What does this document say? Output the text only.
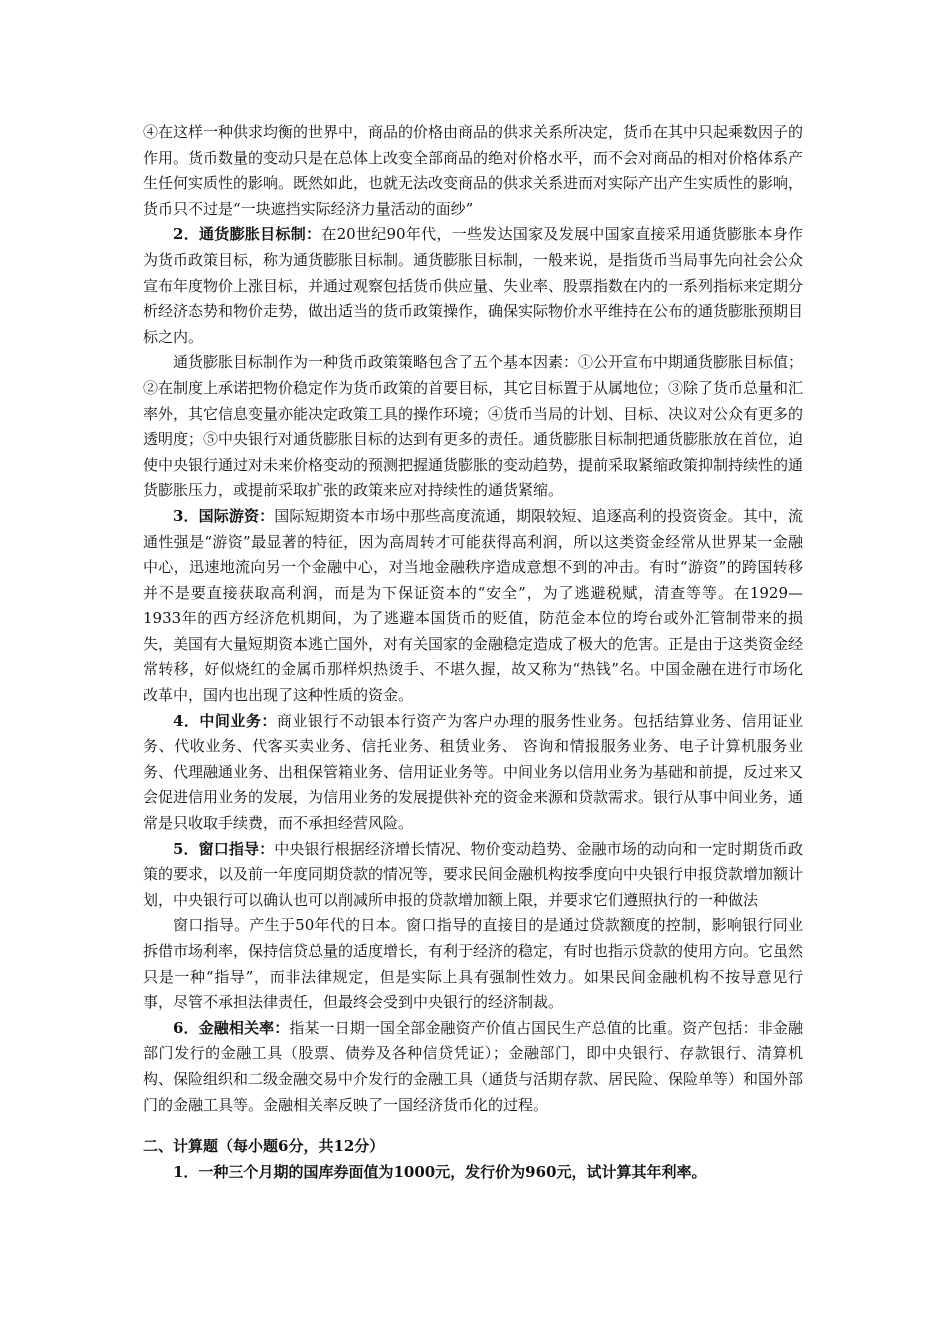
④在这样一种供求均衡的世界中，商品的价格由商品的供求关系所决定，货币在其中只起乘数因子的作用。货币数量的变动只是在总体上改变全部商品的绝对价格水平，而不会对商品的相对价格体系产生任何实质性的影响。既然如此，也就无法改变商品的供求关系进而对实际产出产生实质性的影响，货币只不过是“一块遮挡实际经济力量活动的面纱”

2．通货膨胀目标制：在20世纪90年代，一些发达国家及发展中国家直接采用通货膨胀本身作为货币政策目标，称为通货膨胀目标制。通货膨胀目标制，一般来说，是指货币当局事先向社会公众宣布年度物价上涨目标，并通过观察包括货币供应量、失业率、股票指数在内的一系列指标来定期分析经济态势和物价走势，做出适当的货币政策操作，确保实际物价水平维持在公布的通货膨胀预期目标之内。

通货膨胀目标制作为一种货币政策策略包含了五个基本因素：①公开宣布中期通货膨胀目标值；②在制度上承诺把物价稳定作为货币政策的首要目标，其它目标置于从属地位；③除了货币总量和汇率外，其它信息变量亦能决定政策工具的操作环境；④货币当局的计划、目标、决议对公众有更多的透明度；⑤中央银行对通货膨胀目标的达到有更多的责任。通货膨胀目标制把通货膨胀放在首位，迫使中央银行通过对未来价格变动的预测把握通货膨胀的变动趋势，提前采取紧缩政策抑制持续性的通货膨胀压力，或提前采取扩张的政策来应对持续性的通货紧缩。

3．国际游资：国际短期资本市场中那些高度流通，期限较短、追逐高利的投资资金。其中，流通性强是“游资”最显著的特征，因为高周转才可能获得高利润，所以这类资金经常从世界某一金融中心，迅速地流向另一个金融中心，对当地金融秩序造成意想不到的冲击。有时“游资”的跨国转移并不是要直接获取高利润，而是为下保证资本的“安全”，为了逃避税赋，清查等等。在1929—1933年的西方经济危机期间，为了逃避本国货币的贬值，防范金本位的垮台或外汇管制带来的损失，美国有大量短期资本逃亡国外，对有关国家的金融稳定造成了极大的危害。正是由于这类资金经常转移，好似烧红的金属币那样炽热烫手、不堪久握，故又称为“热钱”名。中国金融在进行市场化改革中，国内也出现了这种性质的资金。

4．中间业务：商业银行不动银本行资产为客户办理的服务性业务。包括结算业务、信用证业务、代收业务、代客买卖业务、信托业务、租赁业务、 咨询和情报服务业务、电子计算机服务业务、代理融通业务、出租保管箱业务、信用证业务等。中间业务以信用业务为基础和前提，反过来又会促进信用业务的发展，为信用业务的发展提供补充的资金来源和贷款需求。银行从事中间业务，通常是只收取手续费，而不承担经营风险。

5．窗口指导：中央银行根据经济增长情况、物价变动趋势、金融市场的动向和一定时期货币政策的要求，以及前一年度同期贷款的情况等，要求民间金融机构按季度向中央银行申报贷款增加额计划，中央银行可以确认也可以削减所申报的贷款增加额上限，并要求它们遵照执行的一种做法

窗口指导。产生于50年代的日本。窗口指导的直接目的是通过贷款额度的控制，影响银行同业拆借市场利率，保持信贷总量的适度增长，有利于经济的稳定，有时也指示贷款的使用方向。它虽然只是一种“指导”，而非法律规定，但是实际上具有强制性效力。如果民间金融机构不按导意见行事，尽管不承担法律责任，但最终会受到中央银行的经济制裁。

6．金融相关率：指某一日期一国全部金融资产价值占国民生产总值的比重。资产包括：非金融部门发行的金融工具（股票、债券及各种信贷凭证）；金融部门，即中央银行、存款银行、清算机构、保险组织和二级金融交易中介发行的金融工具（通货与活期存款、居民险、保险单等）和国外部门的金融工具等。金融相关率反映了一国经济货币化的过程。

二、计算题（每小题6分，共12分）

1．一种三个月期的国库券面值为1000元，发行价为960元，试计算其年利率。
